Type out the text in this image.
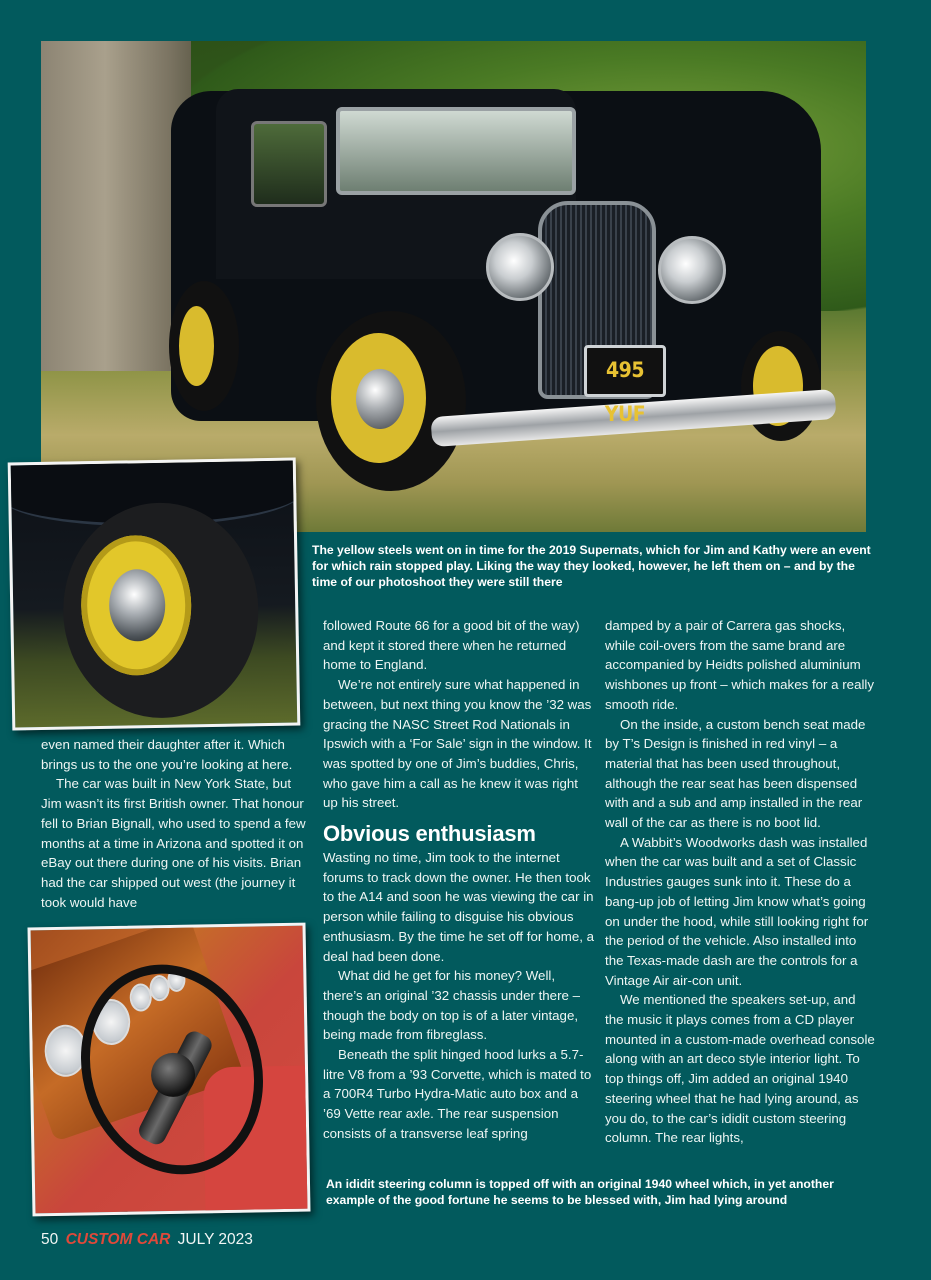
495 YUF
The yellow steels went on in time for the 2019 Supernats, which for Jim and Kathy were an event for which rain stopped play. Liking the way they looked, however, he left them on – and by the time of our photoshoot they were still there

even named their daughter after it. Which brings us to the one you’re looking at here.

The car was built in New York State, but Jim wasn’t its first British owner. That honour fell to Brian Bignall, who used to spend a few months at a time in Arizona and spotted it on eBay out there during one of his visits. Brian had the car shipped out west (the journey it took would have

followed Route 66 for a good bit of the way) and kept it stored there when he returned home to England.

We’re not entirely sure what happened in between, but next thing you know the ’32 was gracing the NASC Street Rod Nationals in Ipswich with a ‘For Sale’ sign in the window. It was spotted by one of Jim’s buddies, Chris, who gave him a call as he knew it was right up his street.

Obvious enthusiasm

Wasting no time, Jim took to the internet forums to track down the owner. He then took to the A14 and soon he was viewing the car in person while failing to disguise his obvious enthusiasm. By the time he set off for home, a deal had been done.

What did he get for his money? Well, there’s an original ’32 chassis under there – though the body on top is of a later vintage, being made from fibreglass.

Beneath the split hinged hood lurks a 5.7-litre V8 from a ’93 Corvette, which is mated to a 700R4 Turbo Hydra-Matic auto box and a ’69 Vette rear axle. The rear suspension consists of a transverse leaf spring

damped by a pair of Carrera gas shocks, while coil-overs from the same brand are accompanied by Heidts polished aluminium wishbones up front – which makes for a really smooth ride.

On the inside, a custom bench seat made by T’s Design is finished in red vinyl – a material that has been used throughout, although the rear seat has been dispensed with and a sub and amp installed in the rear wall of the car as there is no boot lid.

A Wabbit’s Woodworks dash was installed when the car was built and a set of Classic Industries gauges sunk into it. These do a bang-up job of letting Jim know what’s going on under the hood, while still looking right for the period of the vehicle. Also installed into the Texas-made dash are the controls for a Vintage Air air-con unit.

We mentioned the speakers set-up, and the music it plays comes from a CD player mounted in a custom-made overhead console along with an art deco style interior light. To top things off, Jim added an original 1940 steering wheel that he had lying around, as you do, to the car’s ididit custom steering column. The rear lights,

An ididit steering column is topped off with an original 1940 wheel which, in yet another example of the good fortune he seems to be blessed with, Jim had lying around
50 CUSTOM CAR JULY 2023
